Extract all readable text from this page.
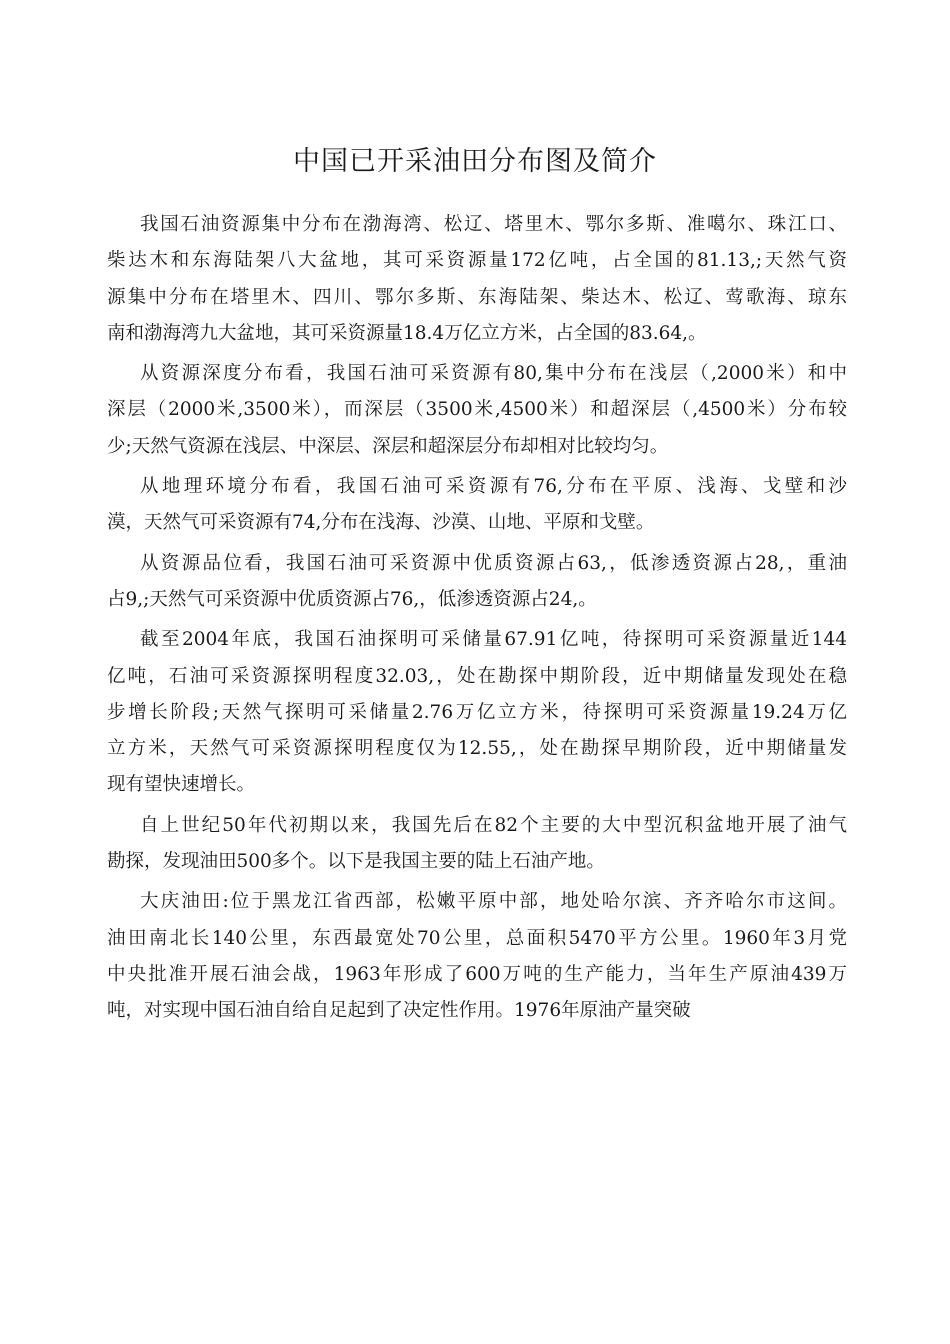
中国已开采油田分布图及简介
我国石油资源集中分布在渤海湾、松辽、塔里木、鄂尔多斯、准噶尔、珠江口、
柴达木和东海陆架八大盆地，其可采资源量172亿吨，占全国的81.13,;天然气资
源集中分布在塔里木、四川、鄂尔多斯、东海陆架、柴达木、松辽、莺歌海、琼东
南和渤海湾九大盆地，其可采资源量18.4万亿立方米，占全国的83.64,。
从资源深度分布看，我国石油可采资源有80,集中分布在浅层（,2000米）和中
深层（2000米,3500米），而深层（3500米,4500米）和超深层（,4500米）分布较
少;天然气资源在浅层、中深层、深层和超深层分布却相对比较均匀。
从地理环境分布看，我国石油可采资源有76,分布在平原、浅海、戈壁和沙
漠，天然气可采资源有74,分布在浅海、沙漠、山地、平原和戈壁。
从资源品位看，我国石油可采资源中优质资源占63,，低渗透资源占28,，重油
占9,;天然气可采资源中优质资源占76,，低渗透资源占24,。
截至2004年底，我国石油探明可采储量67.91亿吨，待探明可采资源量近144
亿吨，石油可采资源探明程度32.03,，处在勘探中期阶段，近中期储量发现处在稳
步增长阶段;天然气探明可采储量2.76万亿立方米，待探明可采资源量19.24万亿
立方米，天然气可采资源探明程度仅为12.55,，处在勘探早期阶段，近中期储量发
现有望快速增长。
自上世纪50年代初期以来，我国先后在82个主要的大中型沉积盆地开展了油气
勘探，发现油田500多个。以下是我国主要的陆上石油产地。
大庆油田:位于黑龙江省西部，松嫩平原中部，地处哈尔滨、齐齐哈尔市这间。
油田南北长140公里，东西最宽处70公里，总面积5470平方公里。1960年3月党
中央批准开展石油会战，1963年形成了600万吨的生产能力，当年生产原油439万
吨，对实现中国石油自给自足起到了决定性作用。1976年原油产量突破
